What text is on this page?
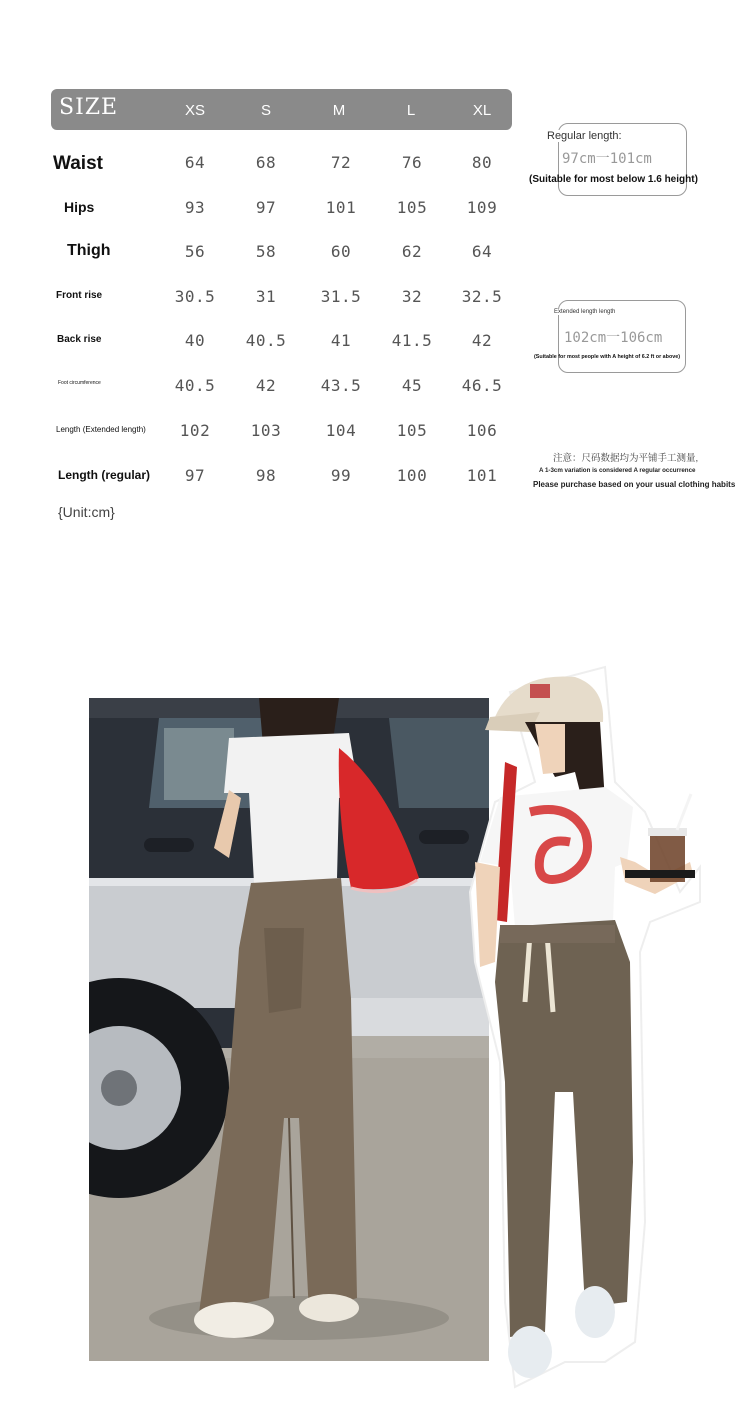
SIZE	XS	S	M	L	XL
Waist	64	68	72	76	80
Hips	93	97	101	105	109
Thigh	56	58	60	62	64
Front rise	30.5	31	31.5	32	32.5
Back rise	40	40.5	41	41.5	42
Foot circumference	40.5	42	43.5	45	46.5
Length (Extended length)	102	103	104	105	106
Length (regular)	97	98	99	100	101
{Unit:cm}
Regular length:
97cm一101cm
(Suitable for most below 1.6 height)
Extended length length
102cm一106cm
(Suitable for most people with A height of 6.2 ft or above)
注意：尺码数据均为平铺手工测量,
A 1-3cm variation is considered A regular occurrence
Please purchase based on your usual clothing habits
